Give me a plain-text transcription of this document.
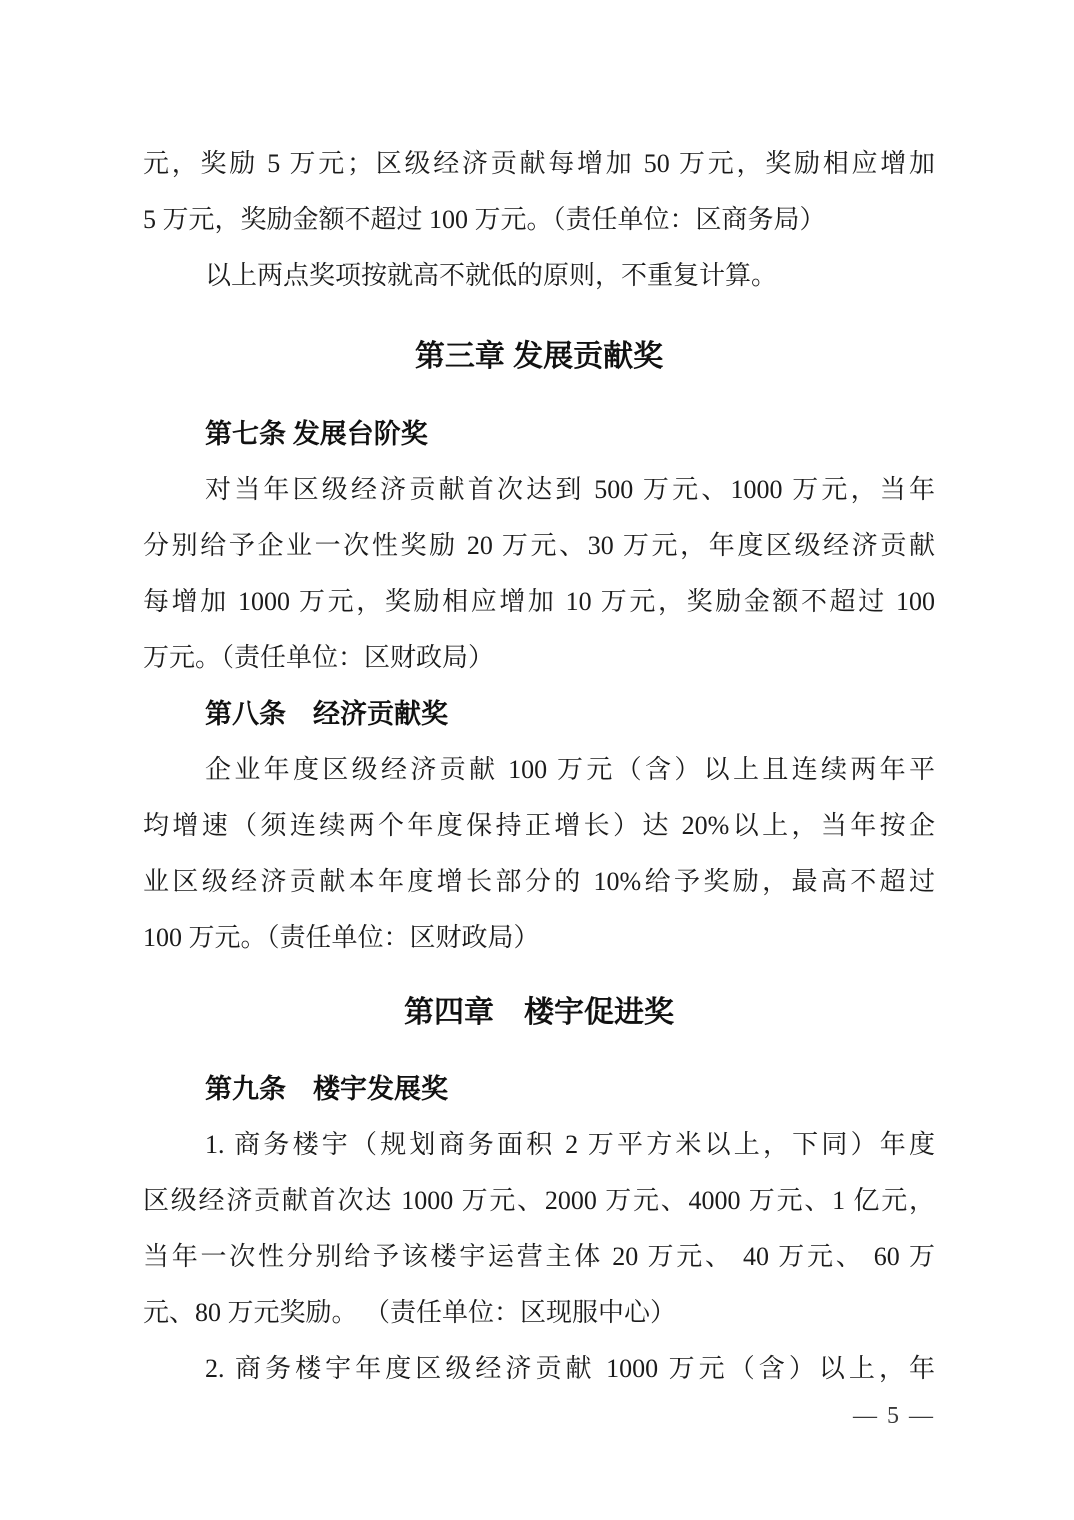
元，奖励 5 万元；区级经济贡献每增加 50 万元，奖励相应增加
5 万元，奖励金额不超过 100 万元。（责任单位：区商务局）
以上两点奖项按就高不就低的原则，不重复计算。
第三章 发展贡献奖
第七条 发展台阶奖
对当年区级经济贡献首次达到 500 万元、1000 万元，当年
分别给予企业一次性奖励 20 万元、30 万元，年度区级经济贡献
每增加 1000 万元，奖励相应增加 10 万元，奖励金额不超过 100
万元。（责任单位：区财政局）
第八条　经济贡献奖
企业年度区级经济贡献 100 万元（含）以上且连续两年平
均增速（须连续两个年度保持正增长）达 20%以上，当年按企
业区级经济贡献本年度增长部分的 10%给予奖励，最高不超过
100 万元。（责任单位：区财政局）
第四章　楼宇促进奖
第九条　楼宇发展奖
1. 商务楼宇（规划商务面积 2 万平方米以上，下同）年度
区级经济贡献首次达 1000 万元、2000 万元、4000 万元、1 亿元，
当年一次性分别给予该楼宇运营主体 20 万元、 40 万元、 60 万
元、80 万元奖励。 （责任单位：区现服中心）
2. 商务楼宇年度区级经济贡献 1000 万元（含）以上，年
— 5 —
